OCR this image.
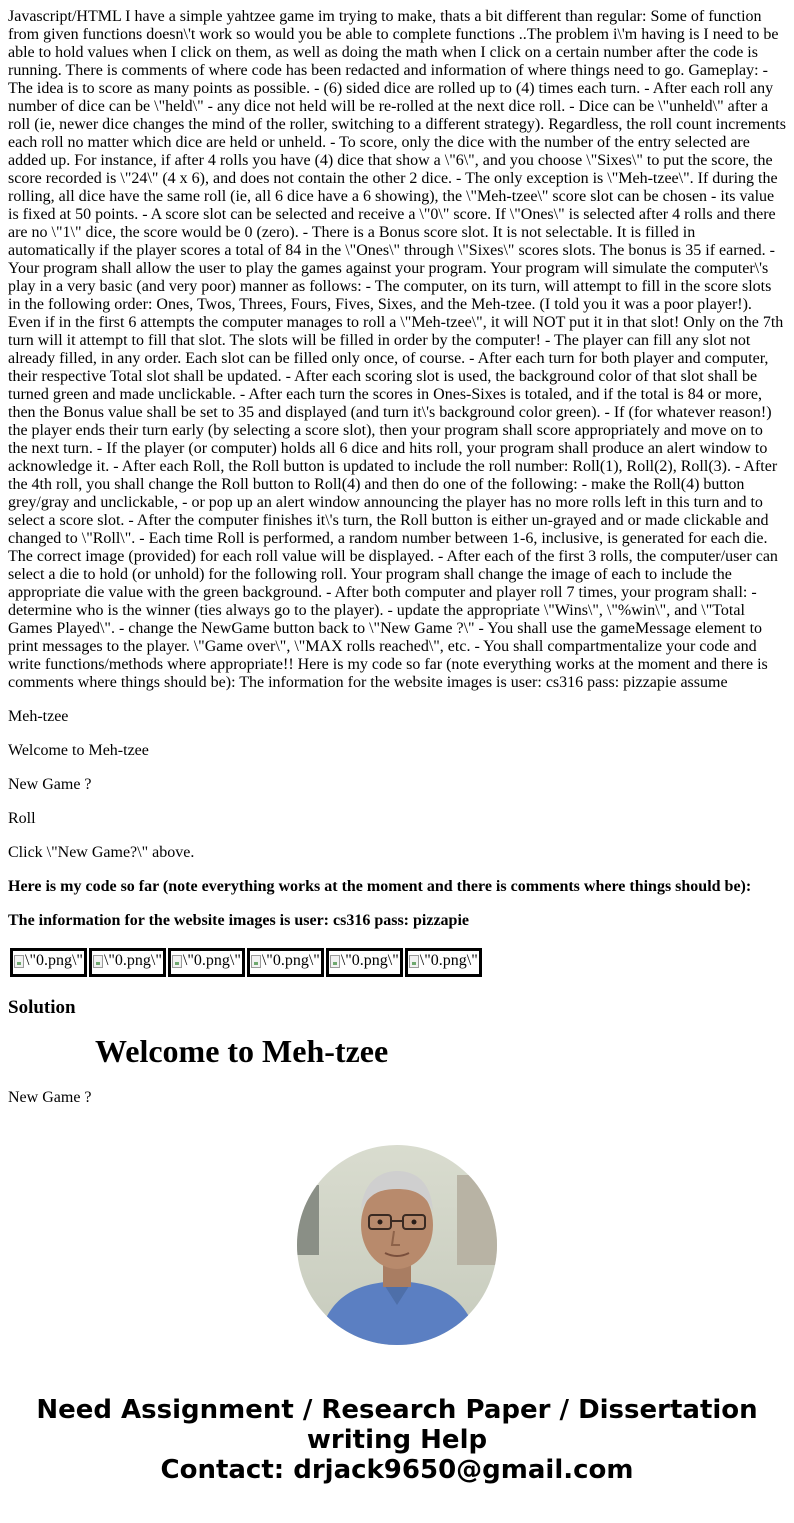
Javascript/HTML I have a simple yahtzee game im trying to make, thats a bit different than regular: Some of function from given functions doesn\'t work so would you be able to complete functions ..The problem i\'m having is I need to be able to hold values when I click on them, as well as doing the math when I click on a certain number after the code is running. There is comments of where code has been redacted and information of where things need to go. Gameplay: - The idea is to score as many points as possible. - (6) sided dice are rolled up to (4) times each turn. - After each roll any number of dice can be \"held\" - any dice not held will be re-rolled at the next dice roll. - Dice can be \"unheld\" after a roll (ie, newer dice changes the mind of the roller, switching to a different strategy). Regardless, the roll count increments each roll no matter which dice are held or unheld. - To score, only the dice with the number of the entry selected are added up. For instance, if after 4 rolls you have (4) dice that show a \"6\", and you choose \"Sixes\" to put the score, the score recorded is \"24\" (4 x 6), and does not contain the other 2 dice. - The only exception is \"Meh-tzee\". If during the rolling, all dice have the same roll (ie, all 6 dice have a 6 showing), the \"Meh-tzee\" score slot can be chosen - its value is fixed at 50 points. - A score slot can be selected and receive a \"0\" score. If \"Ones\" is selected after 4 rolls and there are no \"1\" dice, the score would be 0 (zero). - There is a Bonus score slot. It is not selectable. It is filled in automatically if the player scores a total of 84 in the \"Ones\" through \"Sixes\" scores slots. The bonus is 35 if earned. - Your program shall allow the user to play the games against your program. Your program will simulate the computer\'s play in a very basic (and very poor) manner as follows: - The computer, on its turn, will attempt to fill in the score slots in the following order: Ones, Twos, Threes, Fours, Fives, Sixes, and the Meh-tzee. (I told you it was a poor player!). Even if in the first 6 attempts the computer manages to roll a \"Meh-tzee\", it will NOT put it in that slot! Only on the 7th turn will it attempt to fill that slot. The slots will be filled in order by the computer! - The player can fill any slot not already filled, in any order. Each slot can be filled only once, of course. - After each turn for both player and computer, their respective Total slot shall be updated. - After each scoring slot is used, the background color of that slot shall be turned green and made unclickable. - After each turn the scores in Ones-Sixes is totaled, and if the total is 84 or more, then the Bonus value shall be set to 35 and displayed (and turn it\'s background color green). - If (for whatever reason!) the player ends their turn early (by selecting a score slot), then your program shall score appropriately and move on to the next turn. - If the player (or computer) holds all 6 dice and hits roll, your program shall produce an alert window to acknowledge it. - After each Roll, the Roll button is updated to include the roll number: Roll(1), Roll(2), Roll(3). - After the 4th roll, you shall change the Roll button to Roll(4) and then do one of the following: - make the Roll(4) button grey/gray and unclickable, - or pop up an alert window announcing the player has no more rolls left in this turn and to select a score slot. - After the computer finishes it\'s turn, the Roll button is either un-grayed and or made clickable and changed to \"Roll\". - Each time Roll is performed, a random number between 1-6, inclusive, is generated for each die. The correct image (provided) for each roll value will be displayed. - After each of the first 3 rolls, the computer/user can select a die to hold (or unhold) for the following roll. Your program shall change the image of each to include the appropriate die value with the green background. - After both computer and player roll 7 times, your program shall: - determine who is the winner (ties always go to the player). - update the appropriate \"Wins\", \"%win\", and \"Total Games Played\". - change the NewGame button back to \"New Game ?\" - You shall use the gameMessage element to print messages to the player. \"Game over\", \"MAX rolls reached\", etc. - You shall compartmentalize your code and write functions/methods where appropriate!! Here is my code so far (note everything works at the moment and there is comments where things should be): The information for the website images is user: cs316 pass: pizzapie assume

Meh-tzee

Welcome to Meh-tzee

New Game ?

Roll

Click \"New Game?\" above.

Here is my code so far (note everything works at the moment and there is comments where things should be):

The information for the website images is user: cs316 pass: pizzapie

\"0.png\"	\"0.png\"	\"0.png\"	\"0.png\"	\"0.png\"	\"0.png\"
Solution
Welcome to Meh-tzee
New Game ?
Need Assignment / Research Paper / Dissertation writing Help
Contact: drjack9650@gmail.com
